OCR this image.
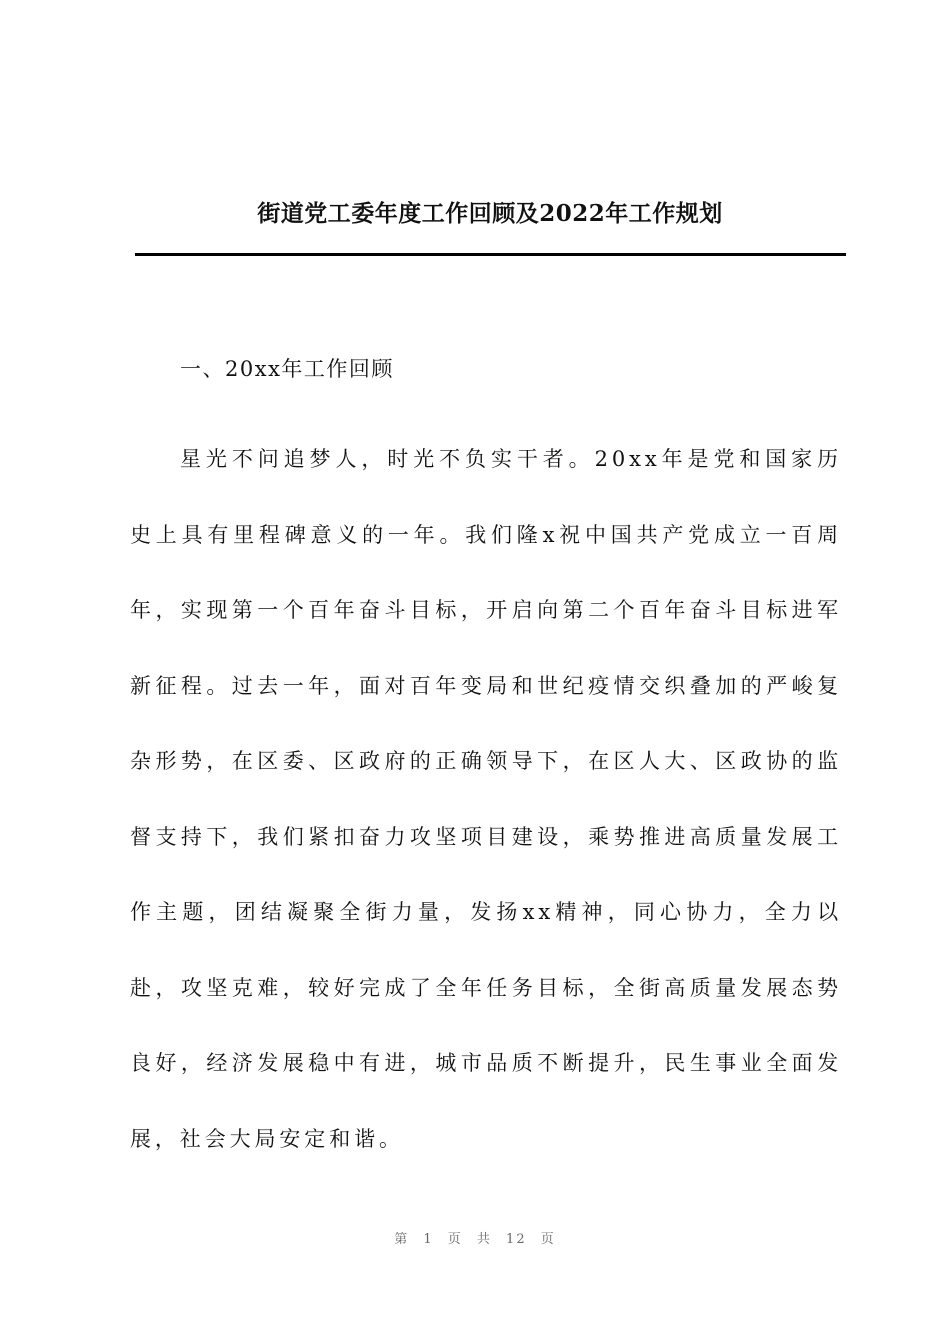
街道党工委年度工作回顾及2022年工作规划
一、20xx年工作回顾

星光不问追梦人，时光不负实干者。20xx年是党和国家历史上具有里程碑意义的一年。我们隆x祝中国共产党成立一百周年，实现第一个百年奋斗目标，开启向第二个百年奋斗目标进军新征程。过去一年，面对百年变局和世纪疫情交织叠加的严峻复杂形势，在区委、区政府的正确领导下，在区人大、区政协的监督支持下，我们紧扣奋力攻坚项目建设，乘势推进高质量发展工作主题，团结凝聚全街力量，发扬xx精神，同心协力，全力以赴，攻坚克难，较好完成了全年任务目标，全街高质量发展态势良好，经济发展稳中有进，城市品质不断提升，民生事业全面发展，社会大局安定和谐。

第 1 页 共 12 页
